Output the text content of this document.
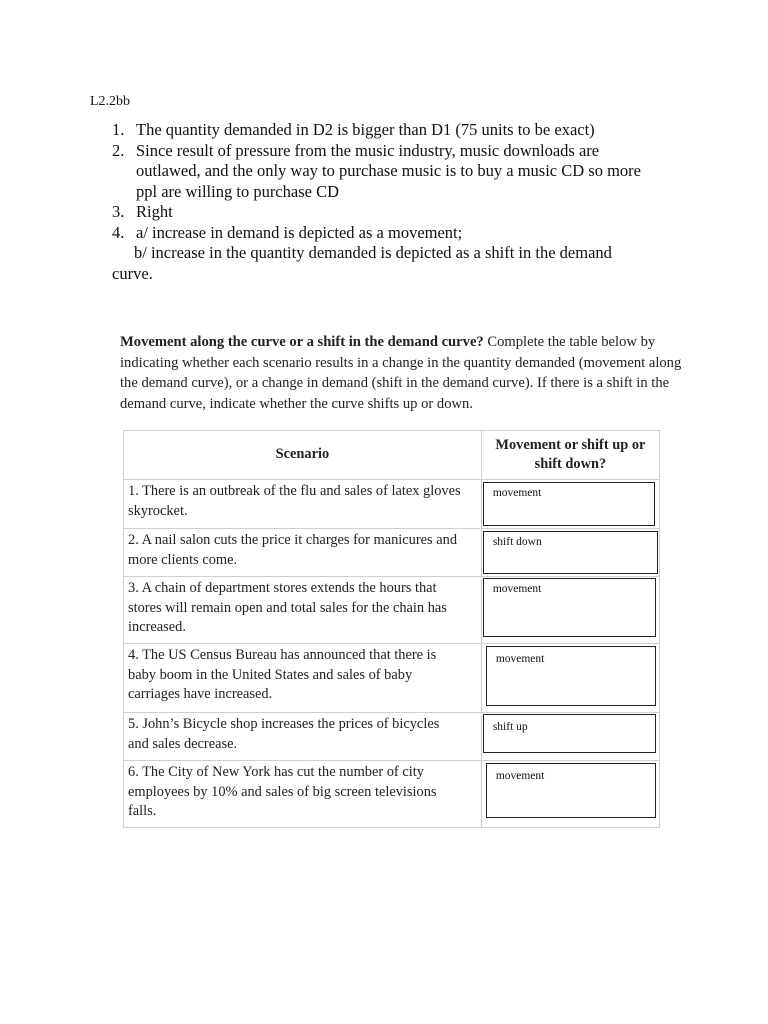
L2.2bb
1. The quantity demanded in D2 is bigger than D1 (75 units to be exact)
2. Since result of pressure from the music industry, music downloads are
outlawed, and the only way to purchase music is to buy a music CD so more
ppl are willing to purchase CD
3. Right
4. a/ increase in demand is depicted as a movement;
b/ increase in the quantity demanded is depicted as a shift in the demand
curve.
Movement along the curve or a shift in the demand curve? Complete the table below by
indicating whether each scenario results in a change in the quantity demanded (movement along
the demand curve), or a change in demand (shift in the demand curve). If there is a shift in the
demand curve, indicate whether the curve shifts up or down.
Scenario	Movement or shift up or
shift down?
1. There is an outbreak of the flu and sales of latex gloves
skyrocket.	movement

2. A nail salon cuts the price it charges for manicures and
more clients come.	shift down

3. A chain of department stores extends the hours that
stores will remain open and total sales for the chain has
increased.	movement

4. The US Census Bureau has announced that there is
baby boom in the United States and sales of baby
carriages have increased.	movement

5. John’s Bicycle shop increases the prices of bicycles
and sales decrease.	shift up

6. The City of New York has cut the number of city
employees by 10% and sales of big screen televisions
falls.	movement
